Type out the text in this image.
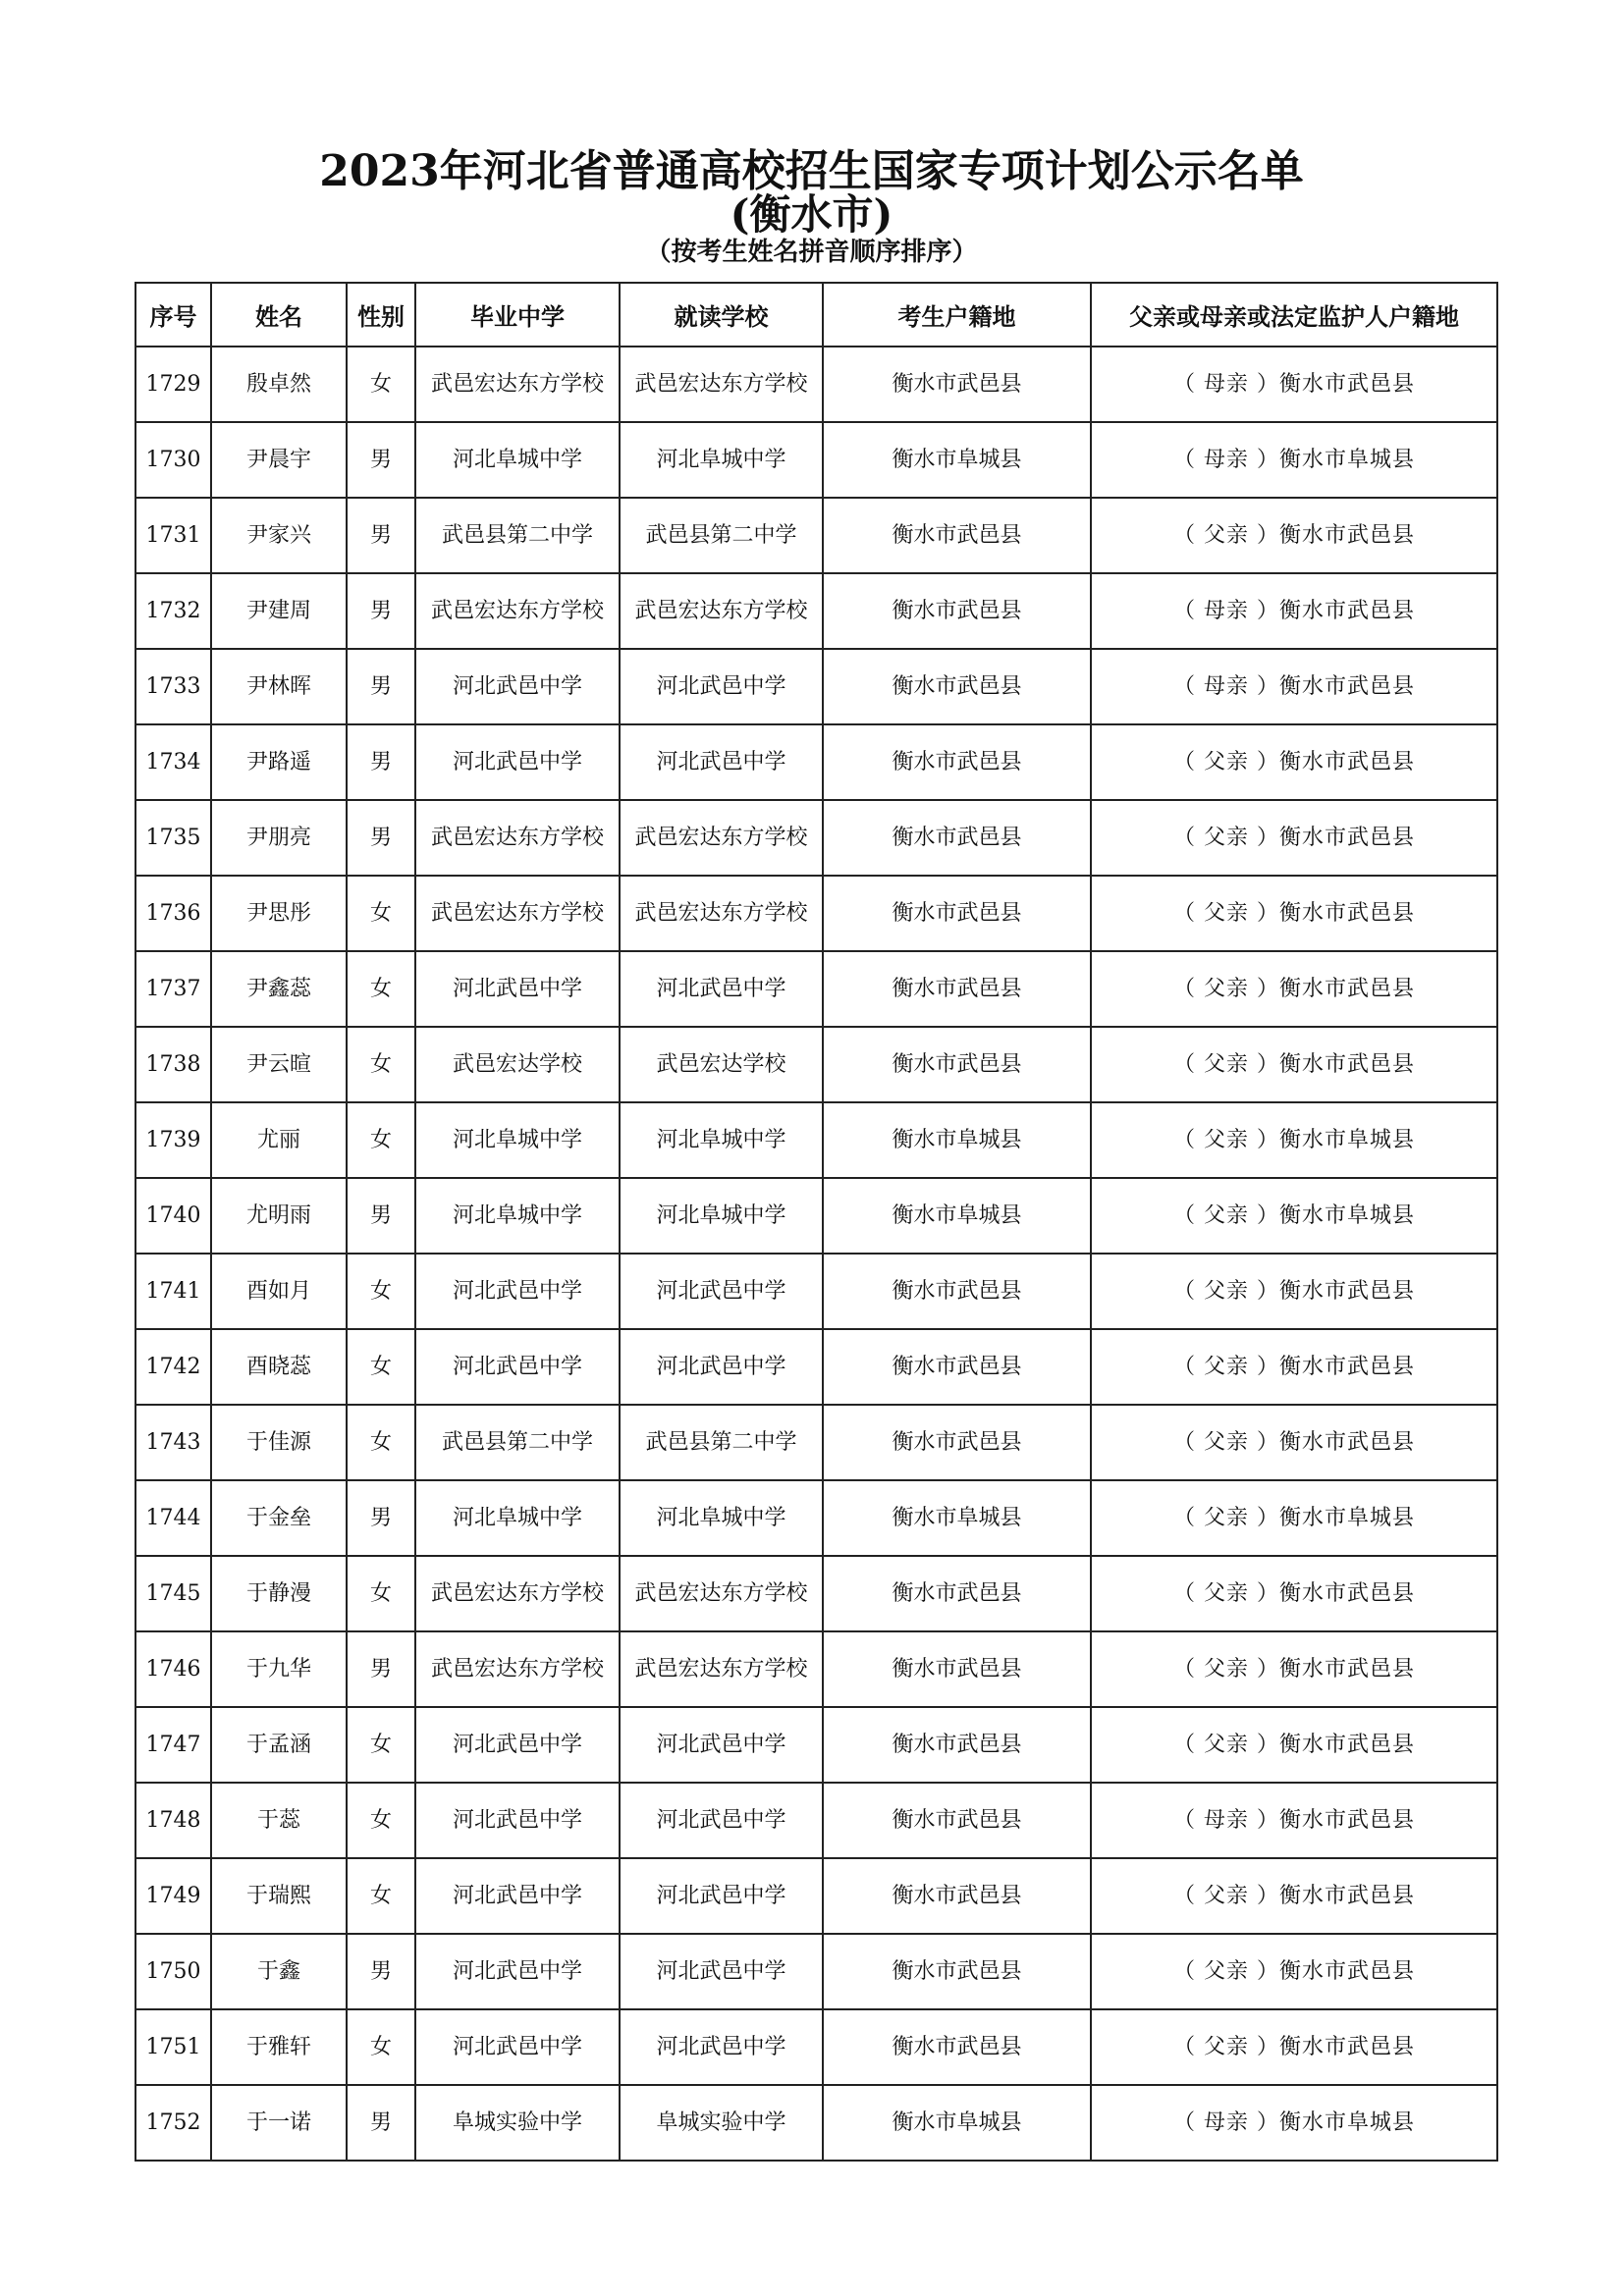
2023年河北省普通高校招生国家专项计划公示名单
(衡水市)
（按考生姓名拼音顺序排序）
序号	姓名	性别	毕业中学	就读学校	考生户籍地	父亲或母亲或法定监护人户籍地
1729	殷卓然	女	武邑宏达东方学校	武邑宏达东方学校	衡水市武邑县	（ 母亲 ）衡水市武邑县
1730	尹晨宇	男	河北阜城中学	河北阜城中学	衡水市阜城县	（ 母亲 ）衡水市阜城县
1731	尹家兴	男	武邑县第二中学	武邑县第二中学	衡水市武邑县	（ 父亲 ）衡水市武邑县
1732	尹建周	男	武邑宏达东方学校	武邑宏达东方学校	衡水市武邑县	（ 母亲 ）衡水市武邑县
1733	尹林晖	男	河北武邑中学	河北武邑中学	衡水市武邑县	（ 母亲 ）衡水市武邑县
1734	尹路遥	男	河北武邑中学	河北武邑中学	衡水市武邑县	（ 父亲 ）衡水市武邑县
1735	尹朋亮	男	武邑宏达东方学校	武邑宏达东方学校	衡水市武邑县	（ 父亲 ）衡水市武邑县
1736	尹思彤	女	武邑宏达东方学校	武邑宏达东方学校	衡水市武邑县	（ 父亲 ）衡水市武邑县
1737	尹鑫蕊	女	河北武邑中学	河北武邑中学	衡水市武邑县	（ 父亲 ）衡水市武邑县
1738	尹云暄	女	武邑宏达学校	武邑宏达学校	衡水市武邑县	（ 父亲 ）衡水市武邑县
1739	尤丽	女	河北阜城中学	河北阜城中学	衡水市阜城县	（ 父亲 ）衡水市阜城县
1740	尤明雨	男	河北阜城中学	河北阜城中学	衡水市阜城县	（ 父亲 ）衡水市阜城县
1741	酉如月	女	河北武邑中学	河北武邑中学	衡水市武邑县	（ 父亲 ）衡水市武邑县
1742	酉晓蕊	女	河北武邑中学	河北武邑中学	衡水市武邑县	（ 父亲 ）衡水市武邑县
1743	于佳源	女	武邑县第二中学	武邑县第二中学	衡水市武邑县	（ 父亲 ）衡水市武邑县
1744	于金垒	男	河北阜城中学	河北阜城中学	衡水市阜城县	（ 父亲 ）衡水市阜城县
1745	于静漫	女	武邑宏达东方学校	武邑宏达东方学校	衡水市武邑县	（ 父亲 ）衡水市武邑县
1746	于九华	男	武邑宏达东方学校	武邑宏达东方学校	衡水市武邑县	（ 父亲 ）衡水市武邑县
1747	于孟涵	女	河北武邑中学	河北武邑中学	衡水市武邑县	（ 父亲 ）衡水市武邑县
1748	于蕊	女	河北武邑中学	河北武邑中学	衡水市武邑县	（ 母亲 ）衡水市武邑县
1749	于瑞熙	女	河北武邑中学	河北武邑中学	衡水市武邑县	（ 父亲 ）衡水市武邑县
1750	于鑫	男	河北武邑中学	河北武邑中学	衡水市武邑县	（ 父亲 ）衡水市武邑县
1751	于雅轩	女	河北武邑中学	河北武邑中学	衡水市武邑县	（ 父亲 ）衡水市武邑县
1752	于一诺	男	阜城实验中学	阜城实验中学	衡水市阜城县	（ 母亲 ）衡水市阜城县
